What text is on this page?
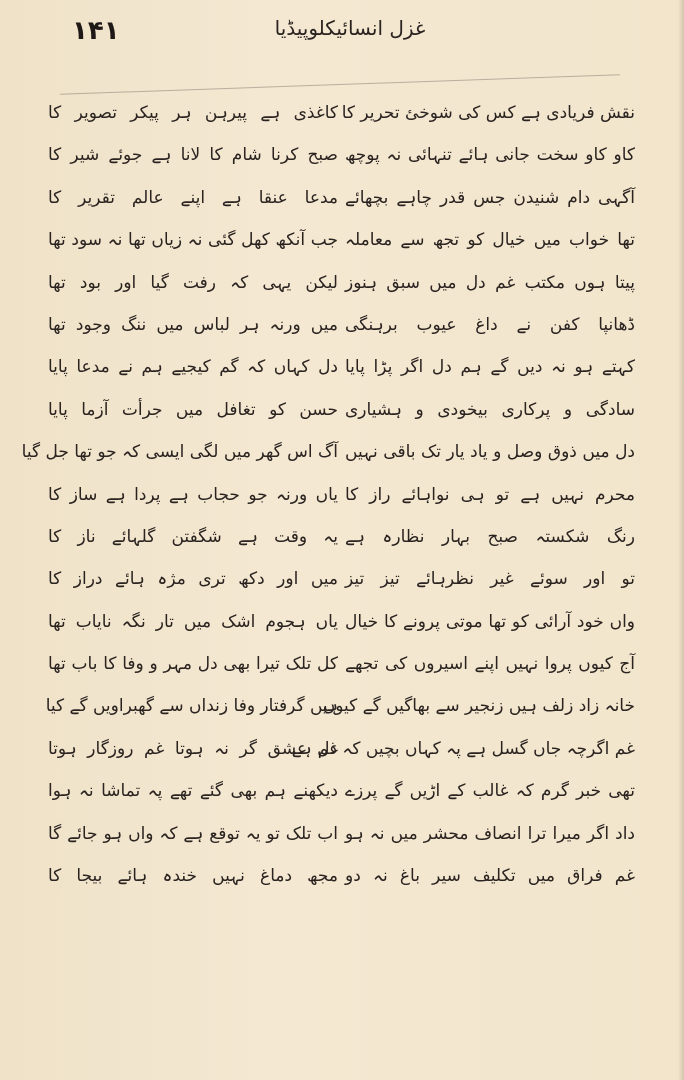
۱۴۱	غزل انسائیکلوپیڈیا
نقش فریادی ہے کس کی شوخئ تحریر کا
کاو کاو سخت جانی ہائے تنہائی نہ پوچھ
آگہی دام شنیدن جس قدر چاہے بچھائے
تھا خواب میں خیال کو تجھ سے معاملہ
پیتا ہوں مکتب غم دل میں سبق ہنوز
ڈھانپا کفن نے داغ عیوب برہنگی
کہتے ہو نہ دیں گے ہم دل اگر پڑا پایا
سادگی و پرکاری بیخودی و ہشیاری
دل میں ذوق وصل و یاد یار تک باقی نہیں
محرم نہیں ہے تو ہی نواہائے راز کا
رنگ شکستہ صبح بہار نظارہ ہے
تو اور سوئے غیر نظرہائے تیز تیز
واں خود آرائی کو تھا موتی پرونے کا خیال
آج کیوں پروا نہیں اپنے اسیروں کی تجھے
خانہ زاد زلف ہیں زنجیر سے بھاگیں گے کیوں
غم اگرچہ جاں گسل ہے پہ کہاں بچیں کہ دل ہے
تھی خبر گرم کہ غالب کے اڑیں گے پرزے
داد اگر میرا ترا انصاف محشر میں نہ ہو
غم فراق میں تکلیف سیر باغ نہ دو
کاغذی ہے پیرہن ہر پیکر تصویر کا
صبح کرنا شام کا لانا ہے جوئے شیر کا
مدعا عنقا ہے اپنے عالم تقریر کا
جب آنکھ کھل گئی نہ زیاں تھا نہ سود تھا
لیکن یہی کہ رفت گیا اور بود تھا
میں ورنہ ہر لباس میں ننگ وجود تھا
دل کہاں کہ گم کیجیے ہم نے مدعا پایا
حسن کو تغافل میں جرأت آزما پایا
آگ اس گھر میں لگی ایسی کہ جو تھا جل گیا
یاں ورنہ جو حجاب ہے پردا ہے ساز کا
یہ وقت ہے شگفتن گلہائے ناز کا
میں اور دکھ تری مژہ ہائے دراز کا
یاں ہجوم اشک میں تار نگہ نایاب تھا
کل تلک تیرا بھی دل مہر و وفا کا باب تھا
ہیں گرفتار وفا زنداں سے گھبراویں گے کیا
غم عشق گر نہ ہوتا غم روزگار ہوتا
دیکھنے ہم بھی گئے تھے پہ تماشا نہ ہوا
اب تلک تو یہ توقع ہے کہ واں ہو جائے گا
مجھ دماغ نہیں خندہ ہائے بیجا کا
